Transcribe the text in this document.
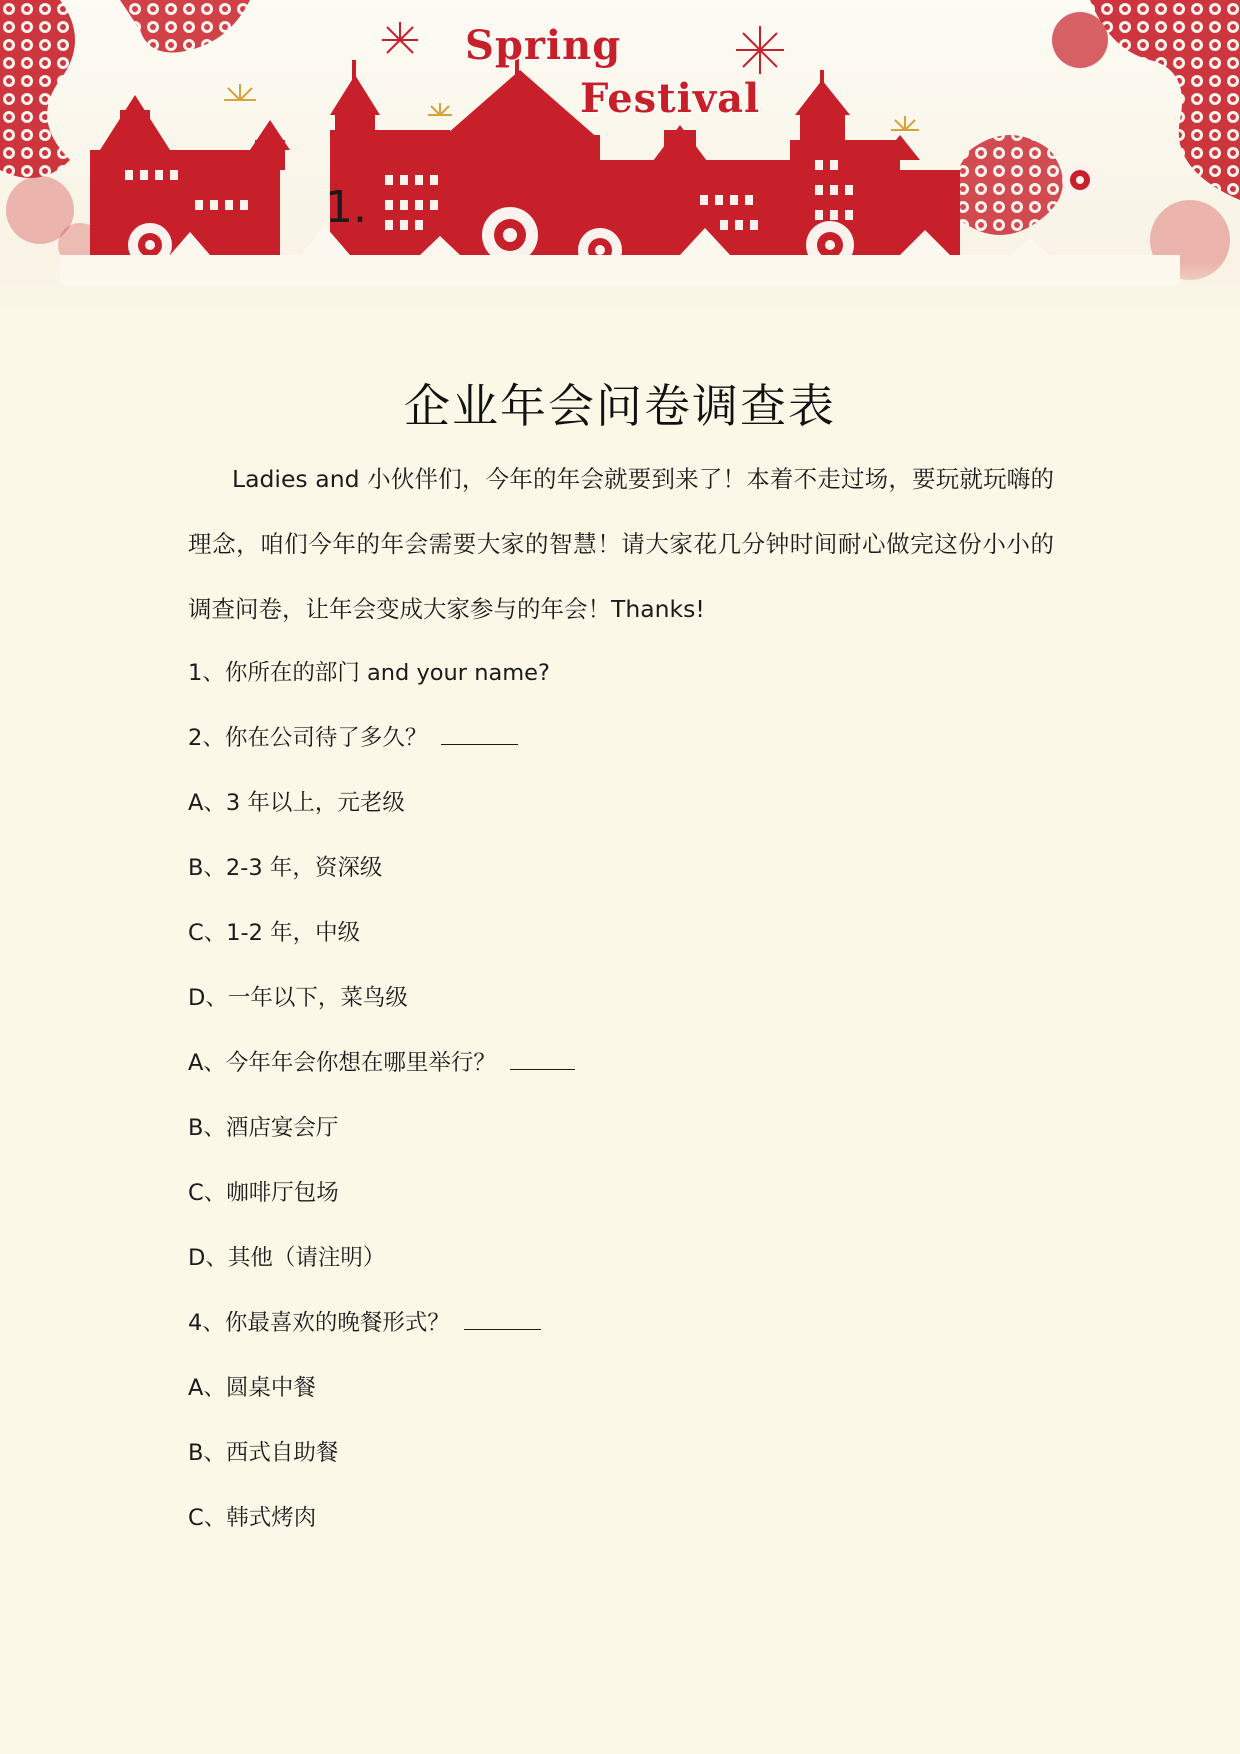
Spring
Festival
1.
企业年会问卷调查表

Ladies and 小伙伴们，今年的年会就要到来了！本着不走过场，要玩就玩嗨的理念，咱们今年的年会需要大家的智慧！请大家花几分钟时间耐心做完这份小小的调查问卷，让年会变成大家参与的年会！Thanks!

1、你所在的部门 and your name?
2、你在公司待了多久？
A、3 年以上，元老级
B、2-3 年，资深级
C、1-2 年，中级
D、一年以下，菜鸟级
A、今年年会你想在哪里举行？
B、酒店宴会厅
C、咖啡厅包场
D、其他（请注明）
4、你最喜欢的晚餐形式？
A、圆桌中餐
B、西式自助餐
C、韩式烤肉
